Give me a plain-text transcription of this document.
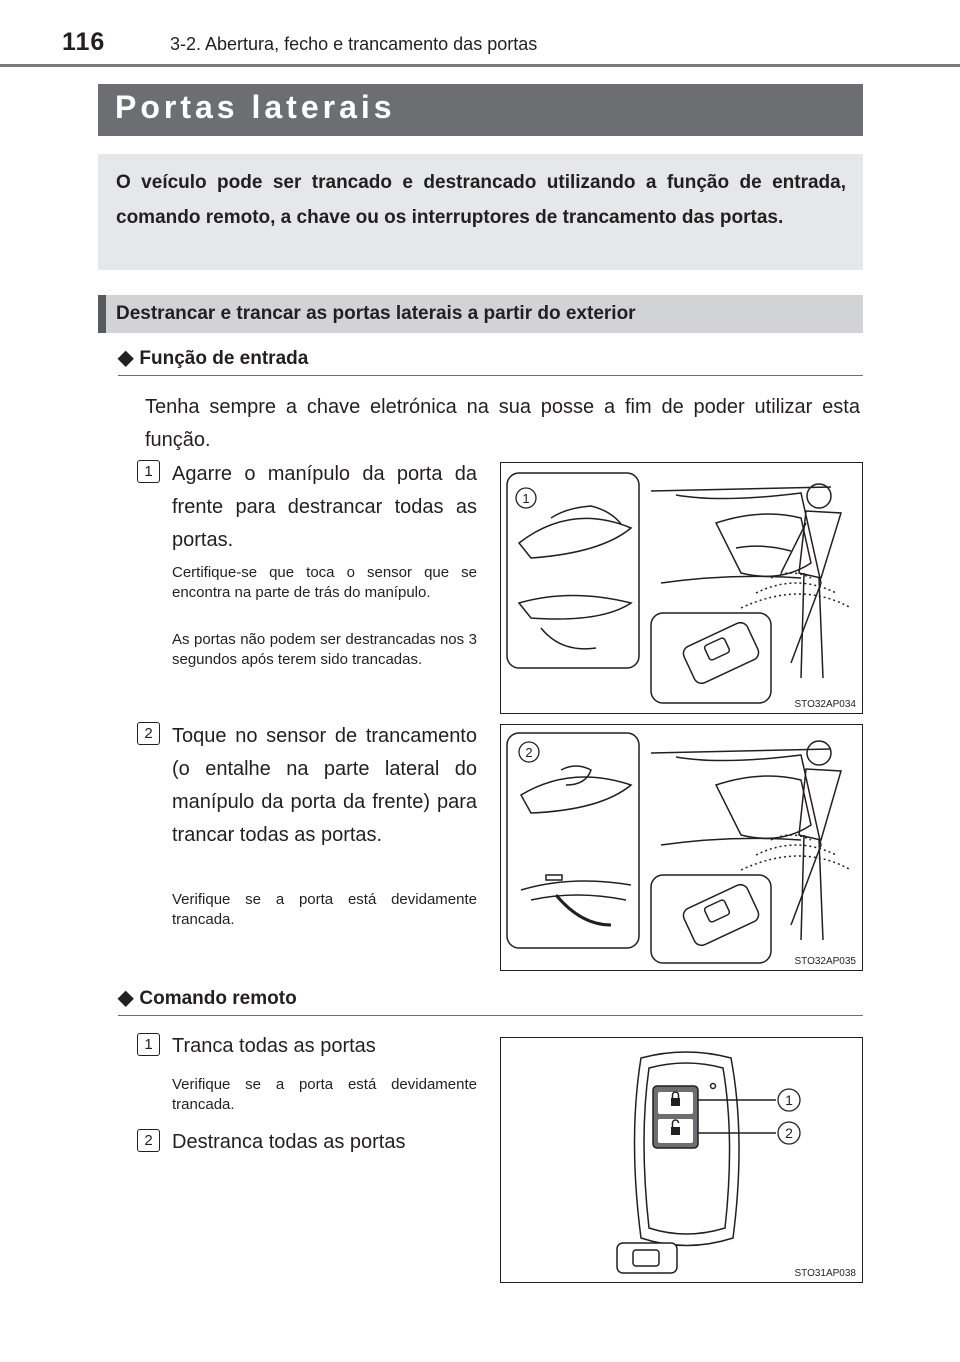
116	3-2. Abertura, fecho e trancamento das portas
Portas laterais
O veículo pode ser trancado e destrancado utilizando a função de entrada, comando remoto, a chave ou os interruptores de trancamento das portas.
Destrancar e trancar as portas laterais a partir do exterior
◆ Função de entrada
Tenha sempre a chave eletrónica na sua posse a fim de poder utilizar esta função.
1 Agarre o manípulo da porta da frente para destrancar todas as portas.
Certifique-se que toca o sensor que se encontra na parte de trás do manípulo.
As portas não podem ser destrancadas nos 3 segundos após terem sido trancadas.
1
STO32AP034
2 Toque no sensor de trancamento (o entalhe na parte lateral do manípulo da porta da frente) para trancar todas as portas.
Verifique se a porta está devidamente trancada.
2
STO32AP035
◆ Comando remoto
1 Tranca todas as portas
Verifique se a porta está devidamente trancada.
2 Destranca todas as portas
1
2
STO31AP038
